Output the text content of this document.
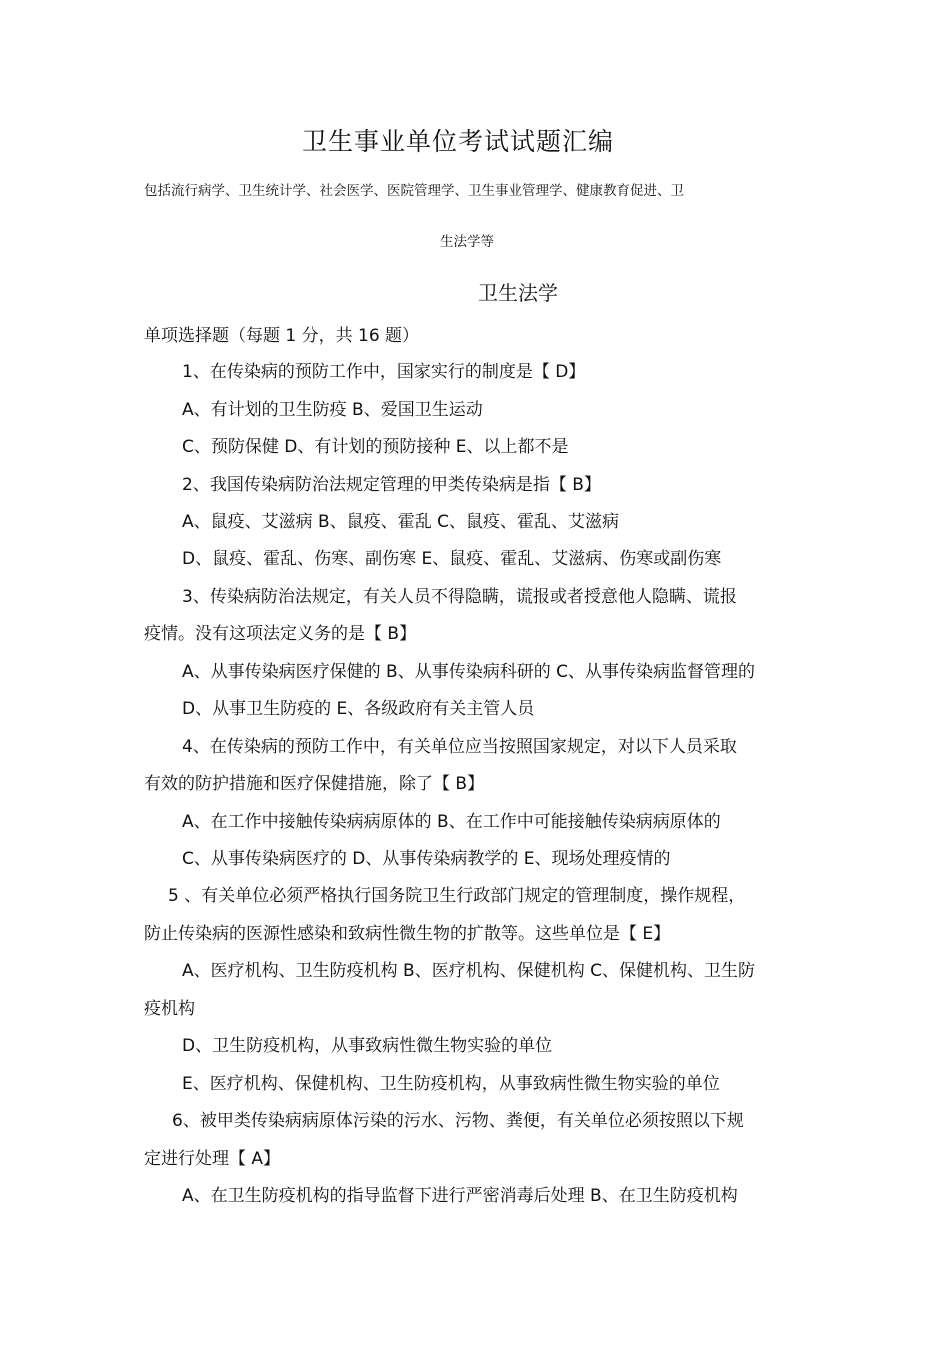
卫生事业单位考试试题汇编
包括流行病学、卫生统计学、社会医学、医院管理学、卫生事业管理学、健康教育促进、卫
生法学等
卫生法学
单项选择题（每题 1 分，共 16 题）
1、在传染病的预防工作中，国家实行的制度是【 D】
A、有计划的卫生防疫 B、爱国卫生运动
C、预防保健 D、有计划的预防接种 E、以上都不是
2、我国传染病防治法规定管理的甲类传染病是指【 B】
A、鼠疫、艾滋病 B、鼠疫、霍乱 C、鼠疫、霍乱、艾滋病
D、鼠疫、霍乱、伤寒、副伤寒 E、鼠疫、霍乱、艾滋病、伤寒或副伤寒
3、传染病防治法规定，有关人员不得隐瞒，谎报或者授意他人隐瞒、谎报
疫情。没有这项法定义务的是【 B】
A、从事传染病医疗保健的 B、从事传染病科研的 C、从事传染病监督管理的
D、从事卫生防疫的 E、各级政府有关主管人员
4、在传染病的预防工作中，有关单位应当按照国家规定，对以下人员采取
有效的防护措施和医疗保健措施，除了【 B】
A、在工作中接触传染病病原体的 B、在工作中可能接触传染病病原体的
C、从事传染病医疗的 D、从事传染病教学的 E、现场处理疫情的
5 、有关单位必须严格执行国务院卫生行政部门规定的管理制度，操作规程，
防止传染病的医源性感染和致病性微生物的扩散等。这些单位是【 E】
A、医疗机构、卫生防疫机构 B、医疗机构、保健机构 C、保健机构、卫生防
疫机构
D、卫生防疫机构，从事致病性微生物实验的单位
E、医疗机构、保健机构、卫生防疫机构，从事致病性微生物实验的单位
6、被甲类传染病病原体污染的污水、污物、粪便，有关单位必须按照以下规
定进行处理【 A】
A、在卫生防疫机构的指导监督下进行严密消毒后处理 B、在卫生防疫机构
